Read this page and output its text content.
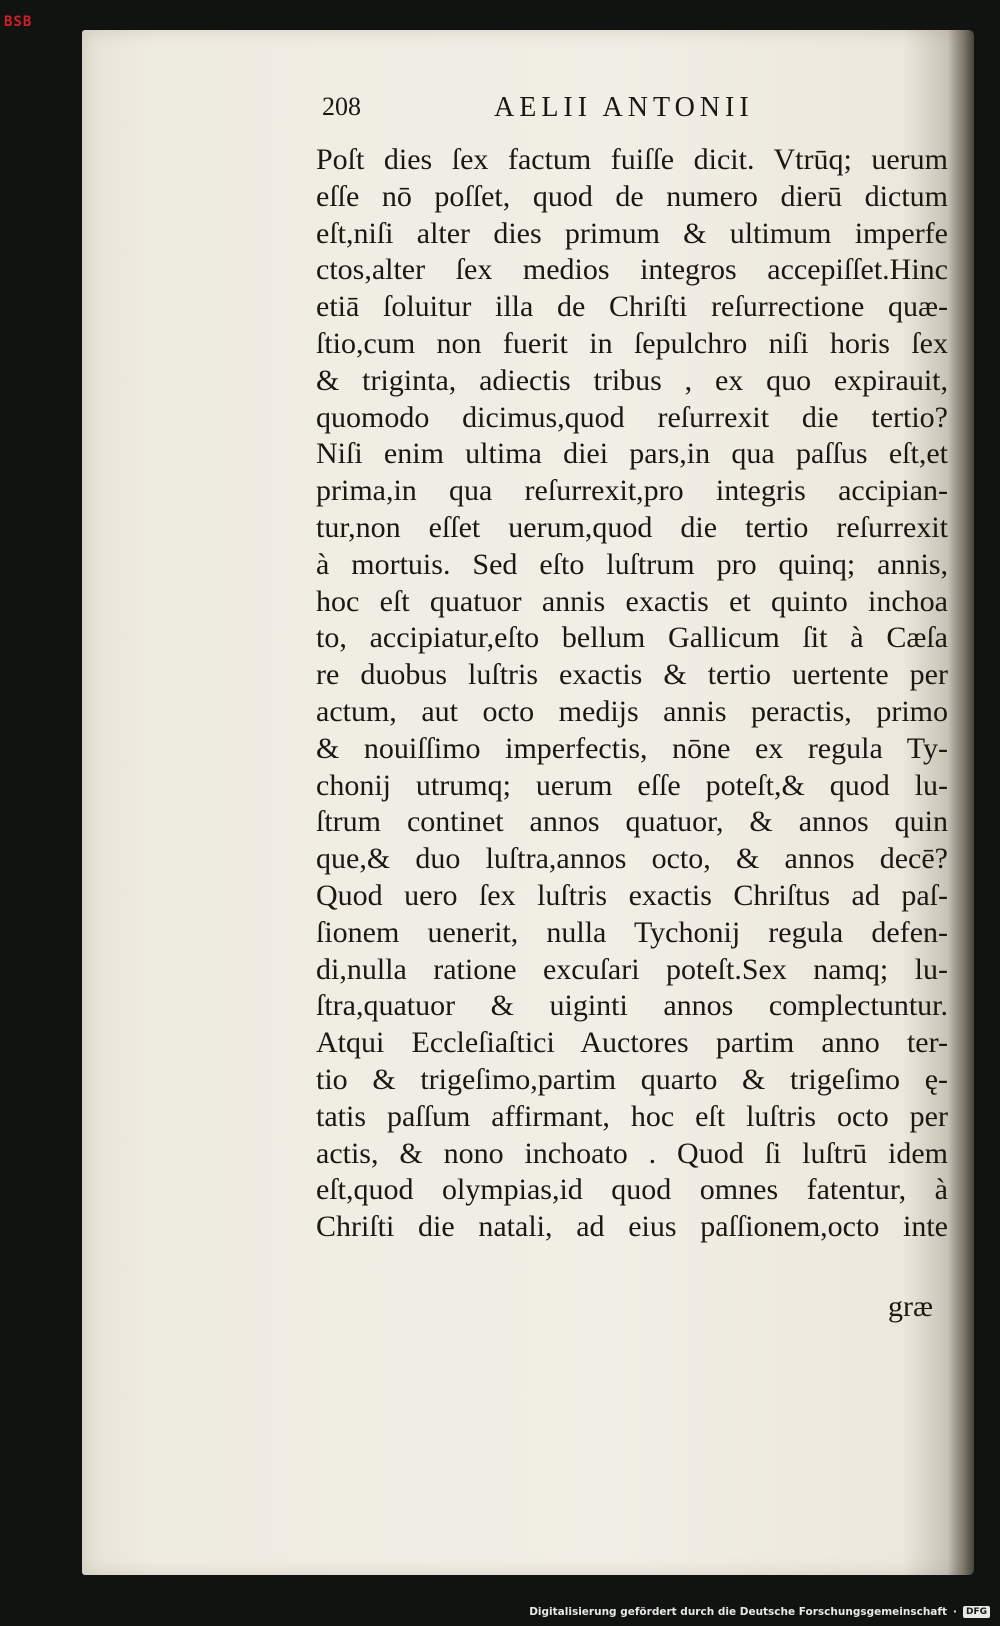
BSB
208	AELII ANTONII
Poſt dies ſex factum fuiſſe dicit. Vtrūq; uerum
eſſe nō poſſet, quod de numero dierū dictum
eſt,niſi alter dies primum & ultimum imperfe
ctos,alter ſex medios integros accepiſſet.Hinc
etiā ſoluitur illa de Chriſti reſurrectione quæ-
ſtio,cum non fuerit in ſepulchro niſi horis ſex
& triginta, adiectis tribus , ex quo expirauit,
quomodo dicimus,quod reſurrexit die tertio?
Niſi enim ultima diei pars,in qua paſſus eſt,et
prima,in qua reſurrexit,pro integris accipian-
tur,non eſſet uerum,quod die tertio reſurrexit
à mortuis. Sed eſto luſtrum pro quinq; annis,
hoc eſt quatuor annis exactis et quinto inchoa
to, accipiatur,eſto bellum Gallicum ſit à Cæſa
re duobus luſtris exactis & tertio uertente per
actum, aut octo medijs annis peractis, primo
& nouiſſimo imperfectis, nōne ex regula Ty-
chonij utrumq; uerum eſſe poteſt,& quod lu-
ſtrum continet annos quatuor, & annos quin
que,& duo luſtra,annos octo, & annos decē?
Quod uero ſex luſtris exactis Chriſtus ad paſ-
ſionem uenerit, nulla Tychonij regula defen-
di,nulla ratione excuſari poteſt.Sex namq; lu-
ſtra,quatuor & uiginti annos complectuntur.
Atqui Eccleſiaſtici Auctores partim anno ter-
tio & trigeſimo,partim quarto & trigeſimo ę-
tatis paſſum affirmant, hoc eſt luſtris octo per
actis, & nono inchoato . Quod ſi luſtrū idem
eſt,quod olympias,id quod omnes fatentur, à
Chriſti die natali, ad eius paſſionem,octo inte
græ
Digitalisierung gefördert durch die Deutsche Forschungsgemeinschaft ·	DFG
